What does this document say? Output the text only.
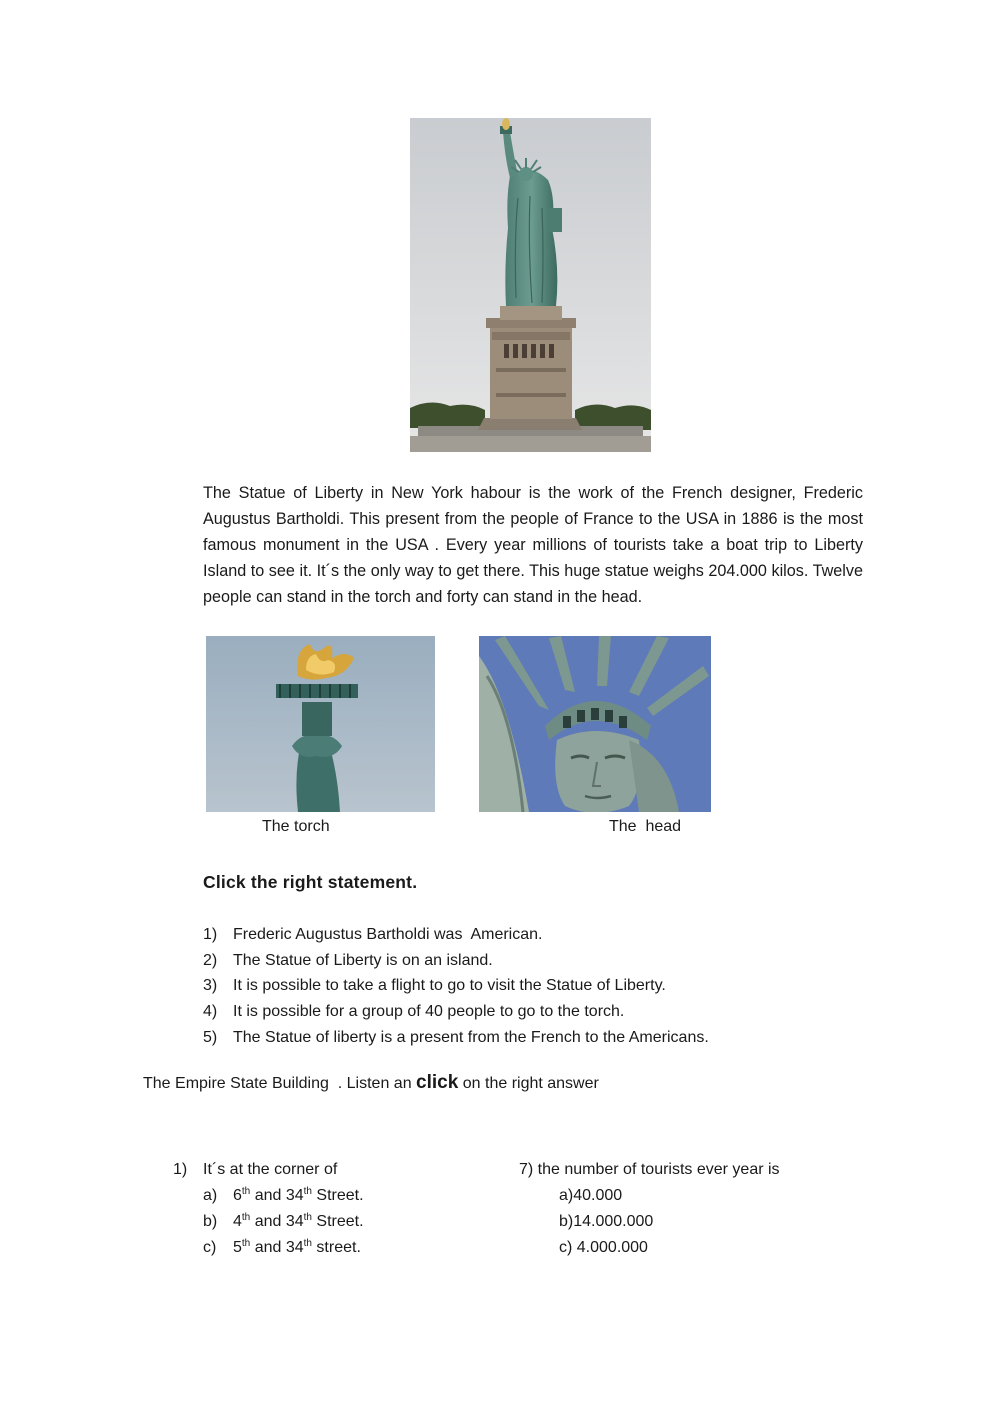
The Statue of Liberty in New York habour is the work of the French designer, Frederic Augustus Bartholdi. This present from the people of France to the USA in 1886 is the most famous monument in the USA . Every year millions of tourists take a boat trip to Liberty Island to see it. It´s the only way to get there. This huge statue weighs 204.000 kilos. Twelve people can stand in the torch and forty can stand in the head.
The torch	The  head
Click the right statement.
1) Frederic Augustus Bartholdi was  American.
2) The Statue of Liberty is on an island.
3) It is possible to take a flight to go to visit the Statue of Liberty.
4) It is possible for a group of 40 people to go to the torch.
5) The Statue of liberty is a present from the French to the Americans.
The Empire State Building  . Listen an click on the right answer
1) It´s at the corner of
a) 6th and 34th Street.
b) 4th and 34th Street.
c)	5th and 34th street.
7) the number of tourists ever year is
a)40.000
b)14.000.000
c) 4.000.000
